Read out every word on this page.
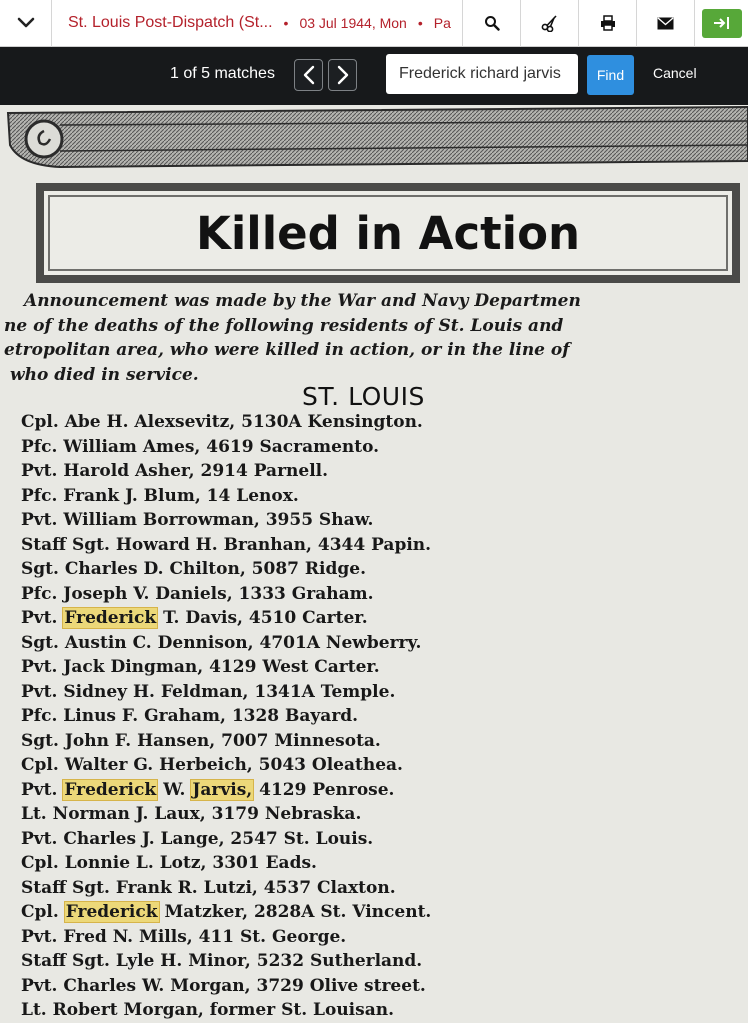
St. Louis Post-Dispatch (St... • 03 Jul 1944, Mon • Pa
1 of 5 matches
Frederick richard jarvis	Find	Cancel
Killed in Action
Announcement was made by the War and Navy Departmen
ne of the deaths of the following residents of St. Louis and
etropolitan area, who were killed in action, or in the line of
who died in service.
ST. LOUIS
Cpl. Abe H. Alexsevitz, 5130A Kensington.
Pfc. William Ames, 4619 Sacramento.
Pvt. Harold Asher, 2914 Parnell.
Pfc. Frank J. Blum, 14 Lenox.
Pvt. William Borrowman, 3955 Shaw.
Staff Sgt. Howard H. Branhan, 4344 Papin.
Sgt. Charles D. Chilton, 5087 Ridge.
Pfc. Joseph V. Daniels, 1333 Graham.
Pvt. Frederick T. Davis, 4510 Carter.
Sgt. Austin C. Dennison, 4701A Newberry.
Pvt. Jack Dingman, 4129 West Carter.
Pvt. Sidney H. Feldman, 1341A Temple.
Pfc. Linus F. Graham, 1328 Bayard.
Sgt. John F. Hansen, 7007 Minnesota.
Cpl. Walter G. Herbeich, 5043 Oleathea.
Pvt. Frederick W. Jarvis, 4129 Penrose.
Lt. Norman J. Laux, 3179 Nebraska.
Pvt. Charles J. Lange, 2547 St. Louis.
Cpl. Lonnie L. Lotz, 3301 Eads.
Staff Sgt. Frank R. Lutzi, 4537 Claxton.
Cpl. Frederick Matzker, 2828A St. Vincent.
Pvt. Fred N. Mills, 411 St. George.
Staff Sgt. Lyle H. Minor, 5232 Sutherland.
Pvt. Charles W. Morgan, 3729 Olive street.
Lt. Robert Morgan, former St. Louisan.
